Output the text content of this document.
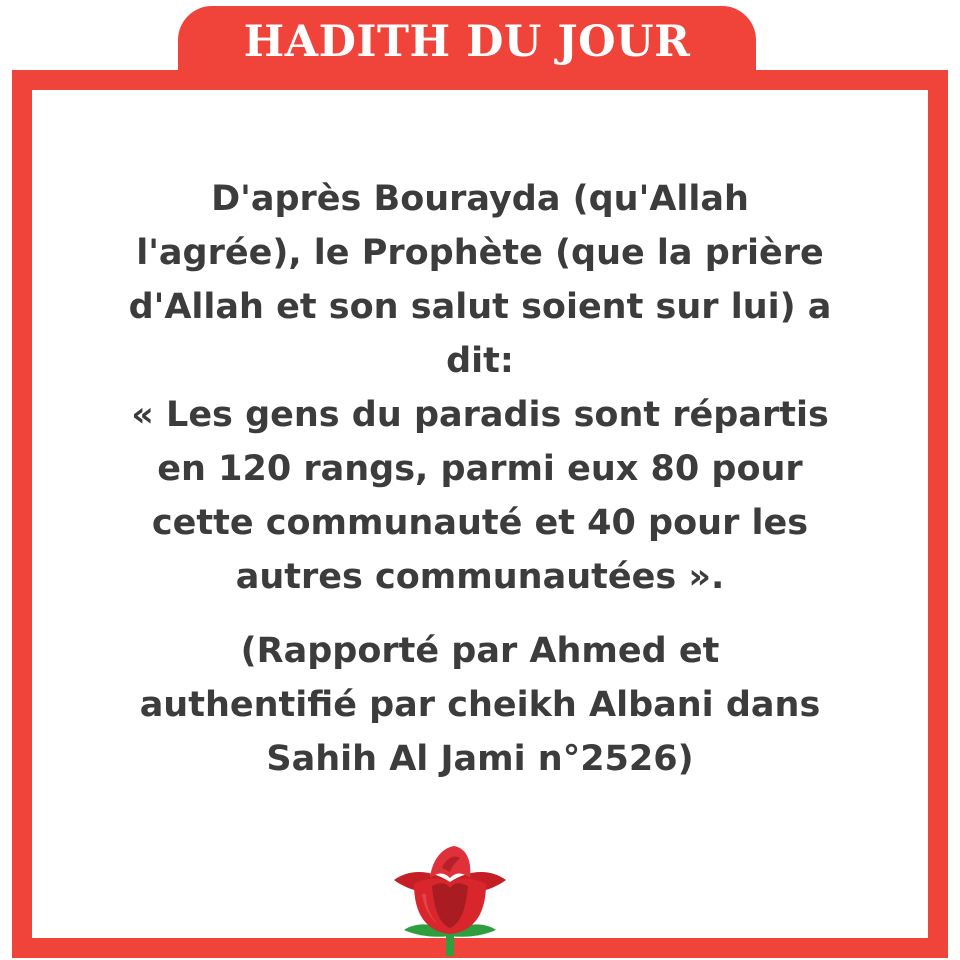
HADITH DU JOUR
D'après Bourayda (qu'Allah
l'agrée), le Prophète (que la prière
d'Allah et son salut soient sur lui) a
dit:
« Les gens du paradis sont répartis
en 120 rangs, parmi eux 80 pour
cette communauté et 40 pour les
autres communautées ».
(Rapporté par Ahmed et
authentifié par cheikh Albani dans
Sahih Al Jami n°2526)
